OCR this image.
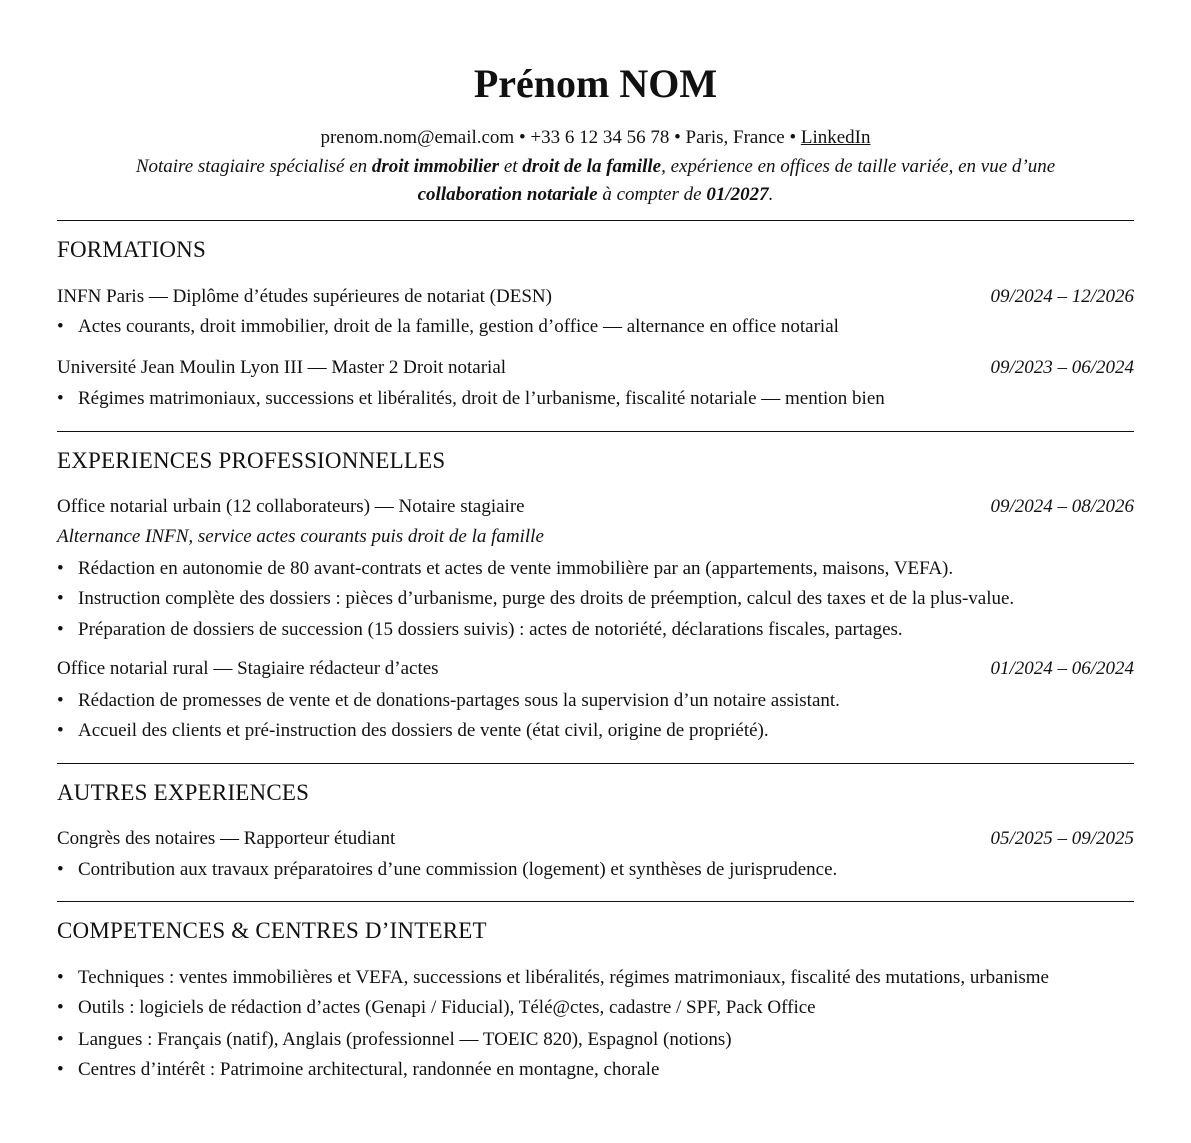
Prénom NOM
prenom.nom@email.com • +33 6 12 34 56 78 • Paris, France • LinkedIn
Notaire stagiaire spécialisé en droit immobilier et droit de la famille, expérience en offices de taille variée, en vue d’une
collaboration notariale à compter de 01/2027.
FORMATIONS
INFN Paris — Diplôme d’études supérieures de notariat (DESN)	09/2024 – 12/2026
• Actes courants, droit immobilier, droit de la famille, gestion d’office — alternance en office notarial
Université Jean Moulin Lyon III — Master 2 Droit notarial	09/2023 – 06/2024
• Régimes matrimoniaux, successions et libéralités, droit de l’urbanisme, fiscalité notariale — mention bien
EXPERIENCES PROFESSIONNELLES
Office notarial urbain (12 collaborateurs) — Notaire stagiaire	09/2024 – 08/2026
Alternance INFN, service actes courants puis droit de la famille
• Rédaction en autonomie de 80 avant-contrats et actes de vente immobilière par an (appartements, maisons, VEFA).
• Instruction complète des dossiers : pièces d’urbanisme, purge des droits de préemption, calcul des taxes et de la plus-value.
• Préparation de dossiers de succession (15 dossiers suivis) : actes de notoriété, déclarations fiscales, partages.
Office notarial rural — Stagiaire rédacteur d’actes	01/2024 – 06/2024
• Rédaction de promesses de vente et de donations-partages sous la supervision d’un notaire assistant.
• Accueil des clients et pré-instruction des dossiers de vente (état civil, origine de propriété).
AUTRES EXPERIENCES
Congrès des notaires — Rapporteur étudiant	05/2025 – 09/2025
• Contribution aux travaux préparatoires d’une commission (logement) et synthèses de jurisprudence.
COMPETENCES & CENTRES D’INTERET
• Techniques : ventes immobilières et VEFA, successions et libéralités, régimes matrimoniaux, fiscalité des mutations, urbanisme
• Outils : logiciels de rédaction d’actes (Genapi / Fiducial), Télé@ctes, cadastre / SPF, Pack Office
• Langues : Français (natif), Anglais (professionnel — TOEIC 820), Espagnol (notions)
• Centres d’intérêt : Patrimoine architectural, randonnée en montagne, chorale
